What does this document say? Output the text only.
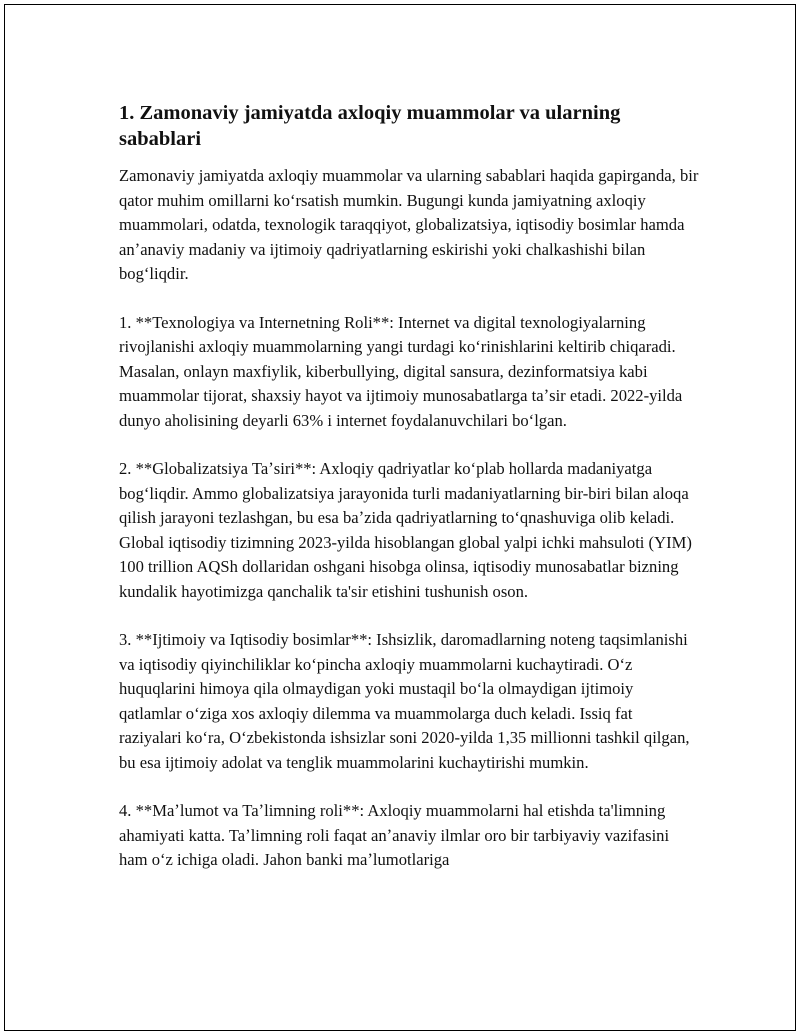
1. Zamonaviy jamiyatda axloqiy muammolar va ularning sabablari

Zamonaviy jamiyatda axloqiy muammolar va ularning sabablari haqida gapirganda, bir qator muhim omillarni koʻrsatish mumkin. Bugungi kunda jamiyatning axloqiy muammolari, odatda, texnologik taraqqiyot, globalizatsiya, iqtisodiy bosimlar hamda anʼanaviy madaniy va ijtimoiy qadriyatlarning eskirishi yoki chalkashishi bilan bogʻliqdir.

1. **Texnologiya va Internetning Roli**: Internet va digital texnologiyalarning rivojlanishi axloqiy muammolarning yangi turdagi koʻrinishlarini keltirib chiqaradi. Masalan, onlayn maxfiylik, kiberbullying, digital sansura, dezinformatsiya kabi muammolar tijorat, shaxsiy hayot va ijtimoiy munosabatlarga taʼsir etadi. 2022-yilda dunyo aholisining deyarli 63% i internet foydalanuvchilari boʻlgan.

2. **Globalizatsiya Taʼsiri**: Axloqiy qadriyatlar koʻplab hollarda madaniyatga bogʻliqdir. Ammo globalizatsiya jarayonida turli madaniyatlarning bir-biri bilan aloqa qilish jarayoni tezlashgan, bu esa baʼzida qadriyatlarning toʻqnashuviga olib keladi. Global iqtisodiy tizimning 2023-yilda hisoblangan global yalpi ichki mahsuloti (YIM) 100 trillion AQSh dollaridan oshgani hisobga olinsa, iqtisodiy munosabatlar bizning kundalik hayotimizga qanchalik ta'sir etishini tushunish oson.

3. **Ijtimoiy va Iqtisodiy bosimlar**: Ishsizlik, daromadlarning noteng taqsimlanishi va iqtisodiy qiyinchiliklar koʻpincha axloqiy muammolarni kuchaytiradi. Oʻz huquqlarini himoya qila olmaydigan yoki mustaqil boʻla olmaydigan ijtimoiy qatlamlar oʻziga xos axloqiy dilemma va muammolarga duch keladi. Issiq fat raziyalari koʻra, Oʻzbekistonda ishsizlar soni 2020-yilda 1,35 millionni tashkil qilgan, bu esa ijtimoiy adolat va tenglik muammolarini kuchaytirishi mumkin.

4. **Maʼlumot va Taʼlimning roli**: Axloqiy muammolarni hal etishda ta'limning ahamiyati katta. Taʼlimning roli faqat anʼanaviy ilmlar oro bir tarbiyaviy vazifasini ham oʻz ichiga oladi. Jahon banki maʼlumotlariga
